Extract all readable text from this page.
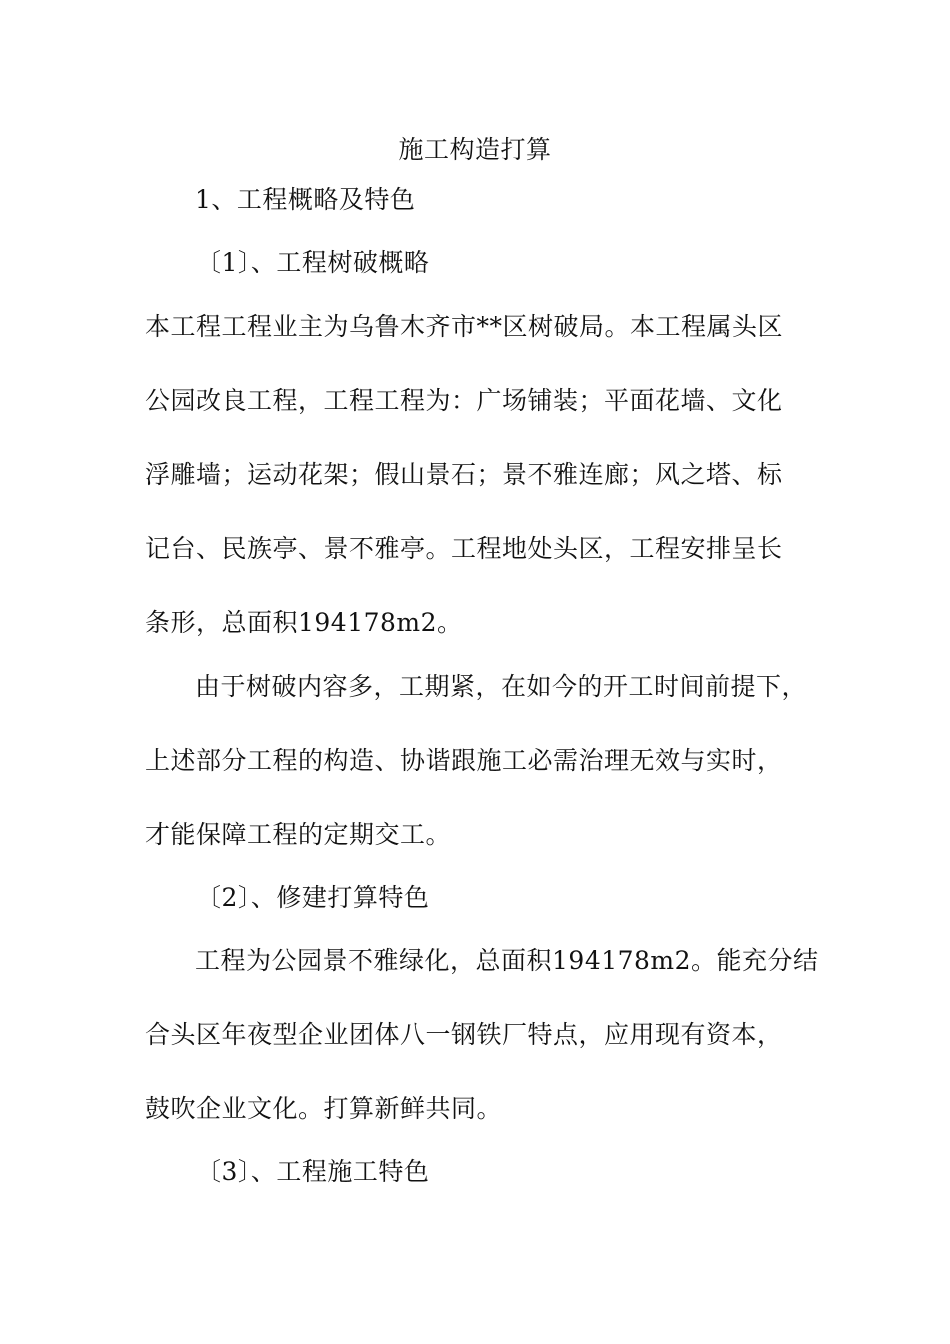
施工构造打算
1、工程概略及特色
〔1〕、工程树破概略
本工程工程业主为乌鲁木齐市**区树破局。本工程属头区
公园改良工程，工程工程为：广场铺装；平面花墙、文化
浮雕墙；运动花架；假山景石；景不雅连廊；风之塔、标
记台、民族亭、景不雅亭。工程地处头区，工程安排呈长
条形，总面积194178m2。
由于树破内容多，工期紧，在如今的开工时间前提下，
上述部分工程的构造、协谐跟施工必需治理无效与实时，
才能保障工程的定期交工。
〔2〕、修建打算特色
工程为公园景不雅绿化，总面积194178m2。能充分结
合头区年夜型企业团体八一钢铁厂特点，应用现有资本，
鼓吹企业文化。打算新鲜共同。
〔3〕、工程施工特色
